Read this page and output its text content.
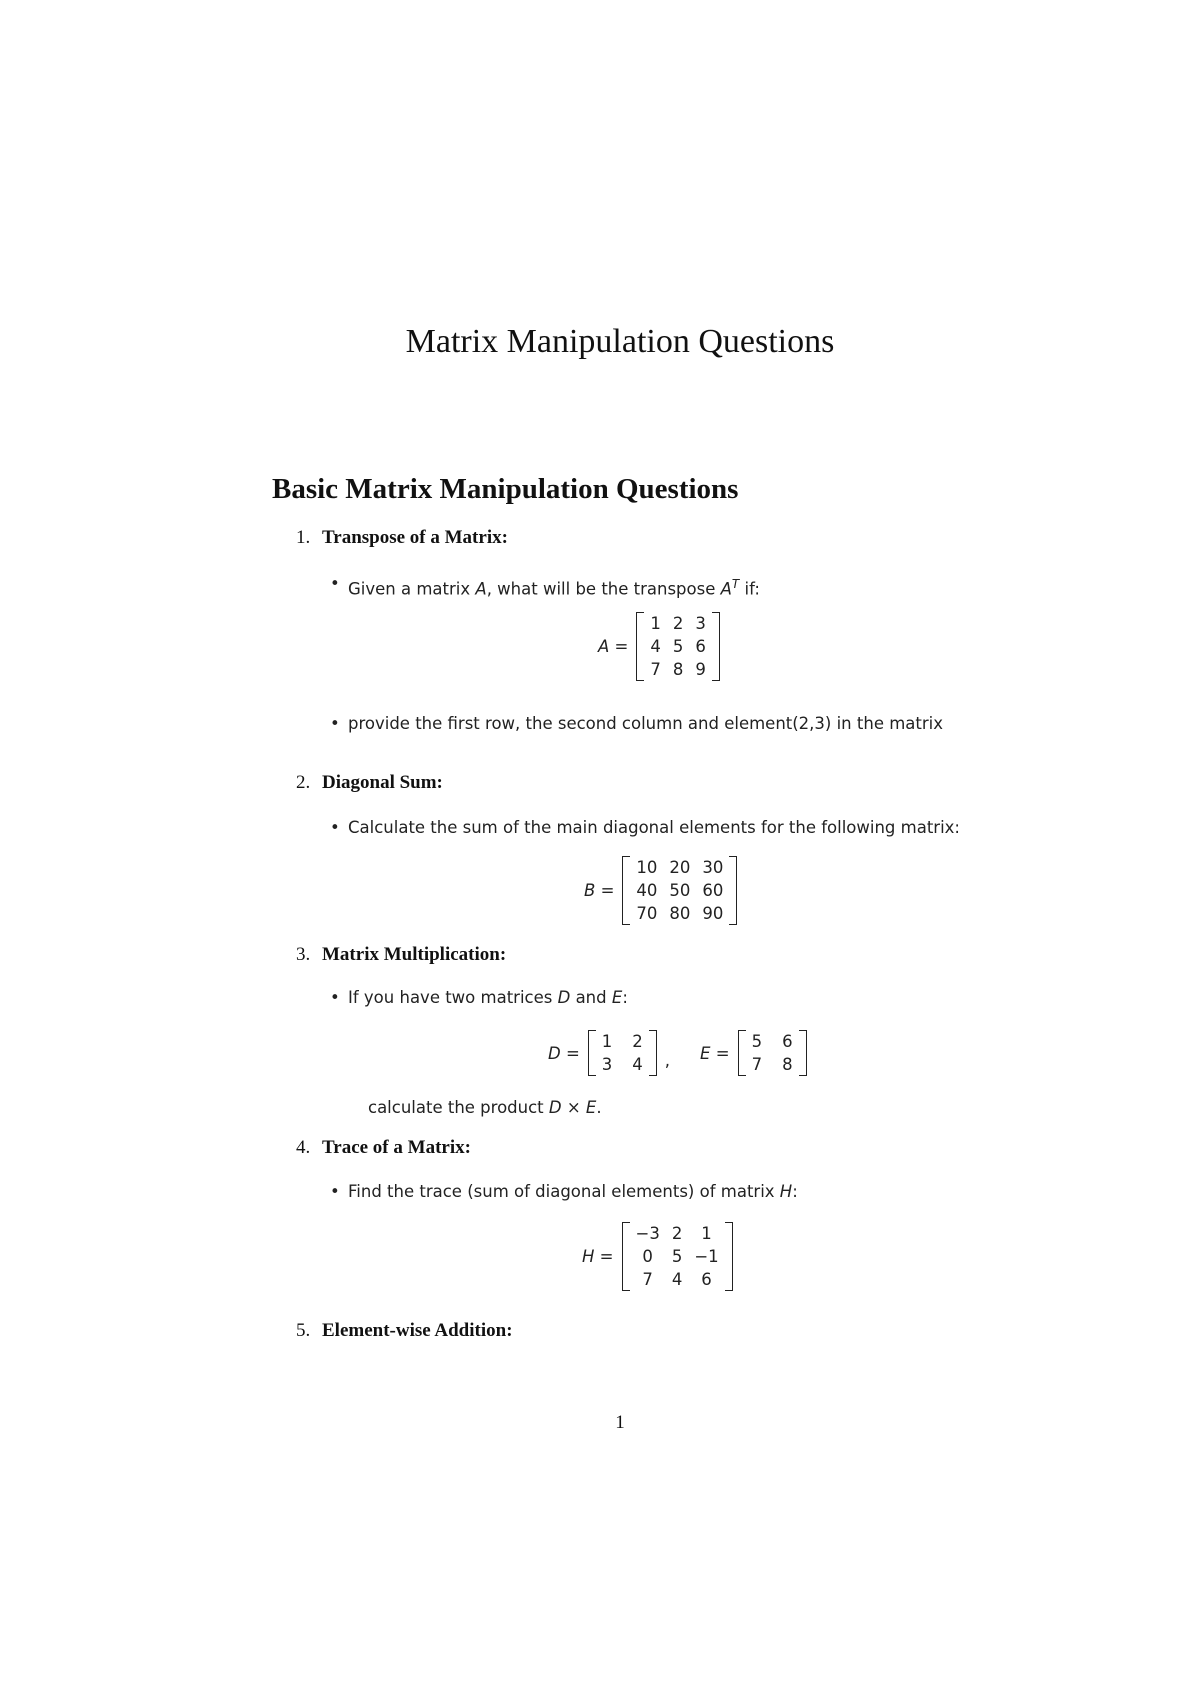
Matrix Manipulation Questions
Basic Matrix Manipulation Questions
1. Transpose of a Matrix:
• Given a matrix A, what will be the transpose $A^T$ if:
A =
1	2	3
4	5	6
7	8	9
• provide the first row, the second column and element(2,3) in the matrix
2. Diagonal Sum:
• Calculate the sum of the main diagonal elements for the following matrix:
B =
10	20	30
40	50	60
70	80	90
3. Matrix Multiplication:
• If you have two matrices D and E:
D =
1	2
3	4 , E =
5	6
7	8
calculate the product D × E.
4. Trace of a Matrix:
• Find the trace (sum of diagonal elements) of matrix H:
H =
−3	2	1
0	5	−1
7	4	6
5. Element-wise Addition:
1
